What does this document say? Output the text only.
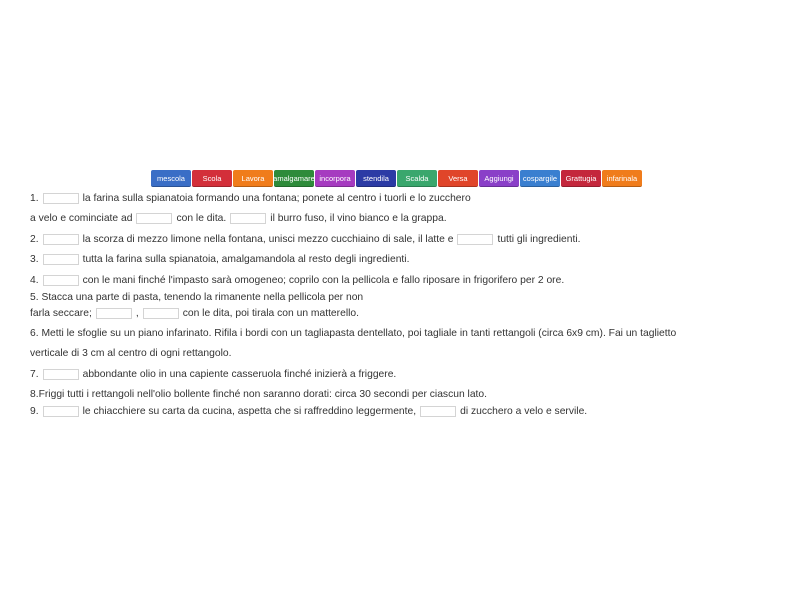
mescola	Scola	Lavora	amalgamare incorpora	stendila	Scalda	Versa	Aggiungi	cospargile	Grattugia	infarinala
1.	la farina sulla spianatoia formando una fontana; ponete al centro i tuorli e lo zucchero
a velo e cominciate ad	con le dita.	il burro fuso, il vino bianco e la grappa.
2.	la scorza di mezzo limone nella fontana, unisci mezzo cucchiaino di sale, il latte e	tutti gli ingredienti.
3.	tutta la farina sulla spianatoia, amalgamandola al resto degli ingredienti.
4.	con le mani finché l'impasto sarà omogeneo; coprilo con la pellicola e fallo riposare in frigorifero per 2 ore.
5. Stacca una parte di pasta, tenendo la rimanente nella pellicola per non
farla seccare;	,	con le dita, poi tirala con un matterello.
6. Metti le sfoglie su un piano infarinato. Rifila i bordi con un tagliapasta dentellato, poi tagliale in tanti rettangoli (circa 6x9 cm). Fai un taglietto
verticale di 3 cm al centro di ogni rettangolo.
7.	abbondante olio in una capiente casseruola finché inizierà a friggere.
8.Friggi tutti i rettangoli nell'olio bollente finché non saranno dorati: circa 30 secondi per ciascun lato.
9.	le chiacchiere su carta da cucina, aspetta che si raffreddino leggermente,	di zucchero a velo e servile.
